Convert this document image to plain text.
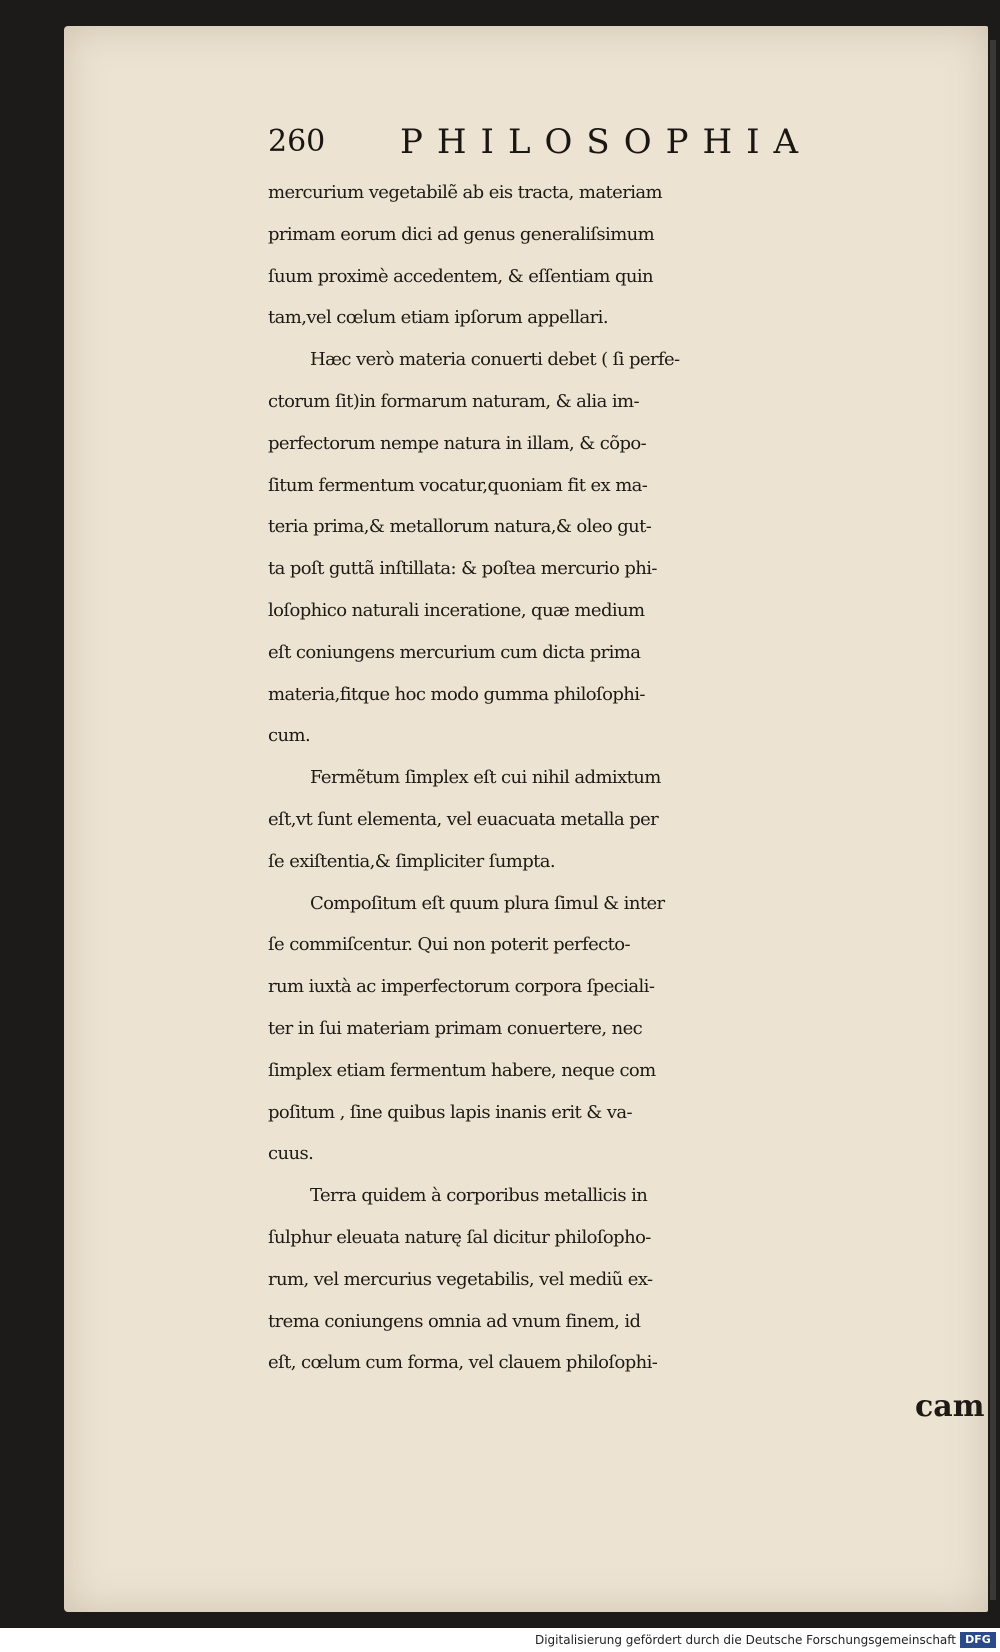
260 PHILOSOPHIA
mercurium vegetabilẽ ab eis tracta, materiam
primam eorum dici ad genus generaliſsimum
ſuum proximè accedentem, & eſſentiam quin
tam,vel cœlum etiam ipſorum appellari.
Hæc verò materia conuerti debet ( ſi perfe-
ctorum ſit)in formarum naturam, & alia im-
perfectorum nempe natura in illam, & cõpo-
ſitum fermentum vocatur,quoniam fit ex ma-
teria prima,& metallorum natura,& oleo gut-
ta poſt guttã inſtillata: & poſtea mercurio phi-
loſophico naturali inceratione, quæ medium
eſt coniungens mercurium cum dicta prima
materia,fitque hoc modo gumma philoſophi-
cum.
Fermẽtum ſimplex eſt cui nihil admixtum
eſt,vt ſunt elementa, vel euacuata metalla per
ſe exiſtentia,& ſimpliciter ſumpta.
Compoſitum eſt quum plura ſimul & inter
ſe commiſcentur. Qui non poterit perfecto-
rum iuxtà ac imperfectorum corpora ſpeciali-
ter in ſui materiam primam conuertere, nec
ſimplex etiam fermentum habere, neque com
poſitum , ſine quibus lapis inanis erit & va-
cuus.
Terra quidem à corporibus metallicis in
ſulphur eleuata naturę ſal dicitur philoſopho-
rum, vel mercurius vegetabilis, vel mediũ ex-
trema coniungens omnia ad vnum finem, id
eſt, cœlum cum forma, vel clauem philoſophi-
cam
Digitalisierung gefördert durch die Deutsche Forschungsgemeinschaft DFG
